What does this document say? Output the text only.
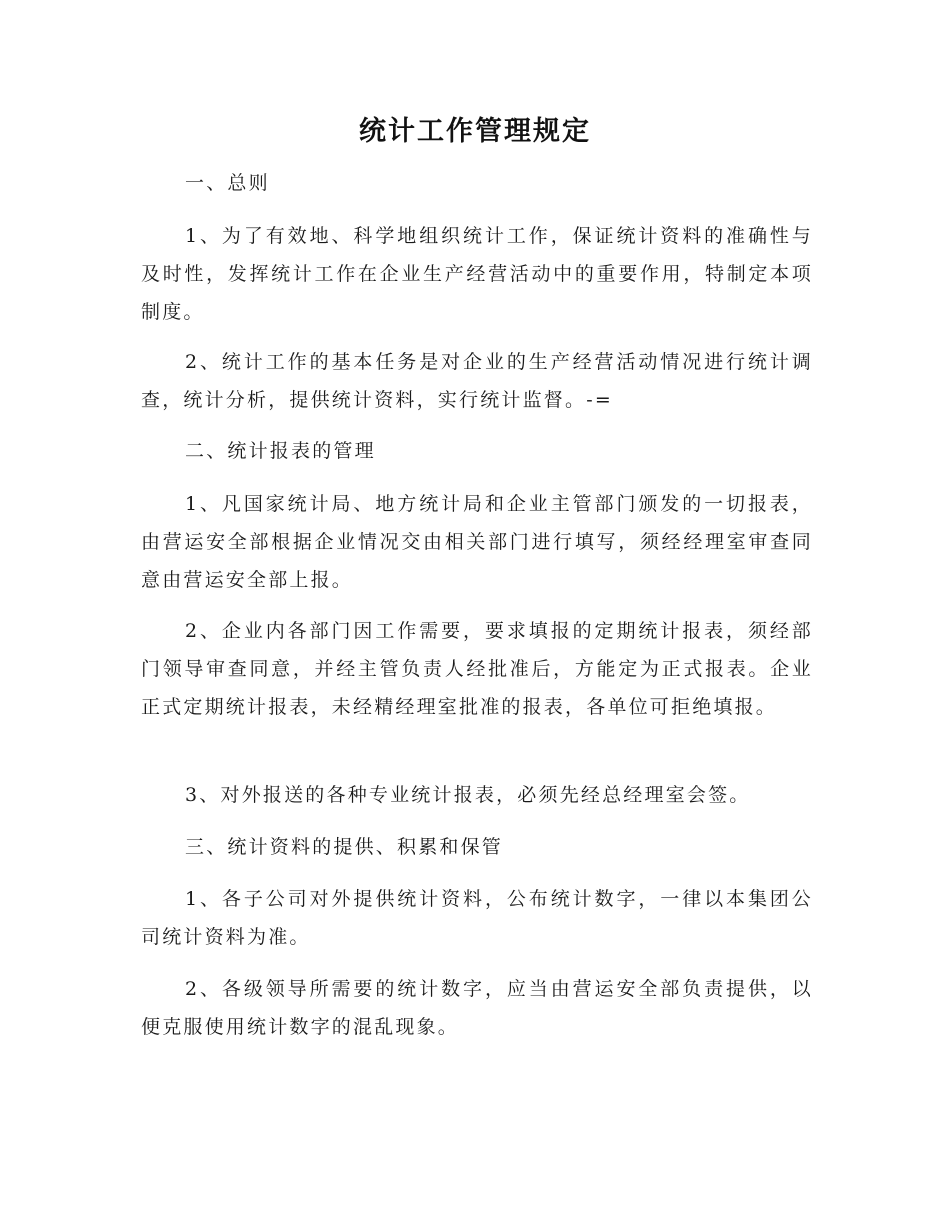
统计工作管理规定

一、总则

1、为了有效地、科学地组织统计工作，保证统计资料的准确性与及时性，发挥统计工作在企业生产经营活动中的重要作用，特制定本项制度。

2、统计工作的基本任务是对企业的生产经营活动情况进行统计调查，统计分析，提供统计资料，实行统计监督。-=

二、统计报表的管理

1、凡国家统计局、地方统计局和企业主管部门颁发的一切报表，由营运安全部根据企业情况交由相关部门进行填写，须经经理室审查同意由营运安全部上报。

2、企业内各部门因工作需要，要求填报的定期统计报表，须经部门领导审查同意，并经主管负责人经批准后，方能定为正式报表。企业正式定期统计报表，未经精经理室批准的报表，各单位可拒绝填报。

3、对外报送的各种专业统计报表，必须先经总经理室会签。

三、统计资料的提供、积累和保管

1、各子公司对外提供统计资料，公布统计数字，一律以本集团公司统计资料为准。

2、各级领导所需要的统计数字，应当由营运安全部负责提供，以便克服使用统计数字的混乱现象。
